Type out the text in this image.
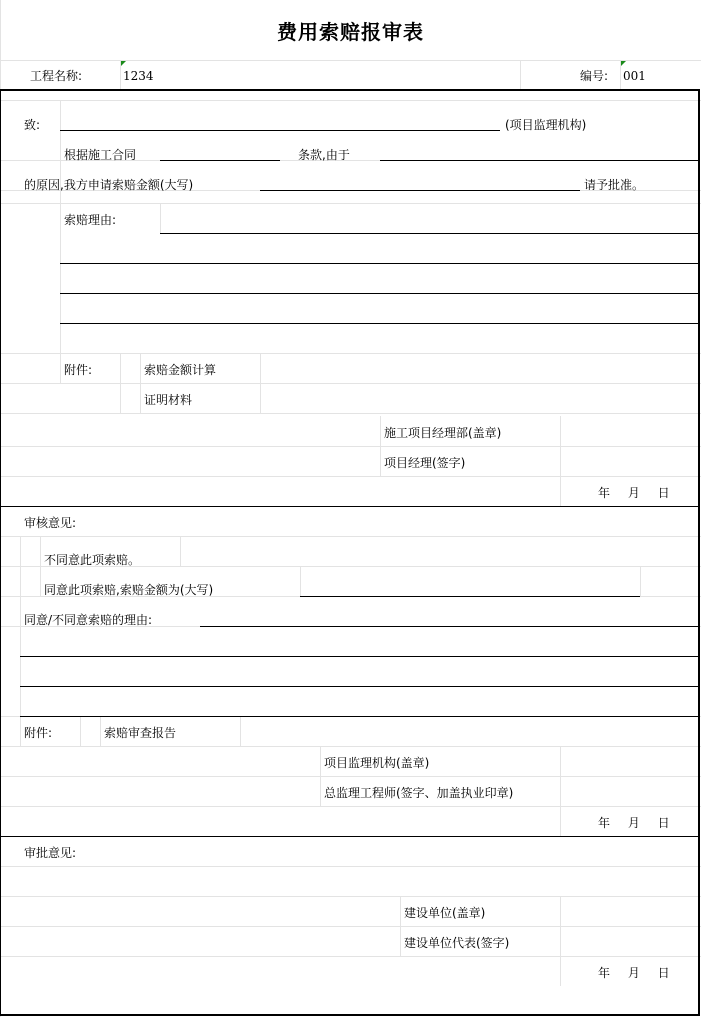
费用索赔报审表
工程名称:	1234	编号: 001
致:	(项目监理机构)
根据施工合同	条款,由于
的原因,我方申请索赔金额(大写)	请予批准。
索赔理由:
附件:	索赔金额计算
证明材料
施工项目经理部(盖章)
项目经理(签字)
年 月 日
审核意见:
不同意此项索赔。
同意此项索赔,索赔金额为(大写)
同意/不同意索赔的理由:
附件:	索赔审查报告
项目监理机构(盖章)
总监理工程师(签字、加盖执业印章)
年 月 日
审批意见:
建设单位(盖章)
建设单位代表(签字)
年 月 日
